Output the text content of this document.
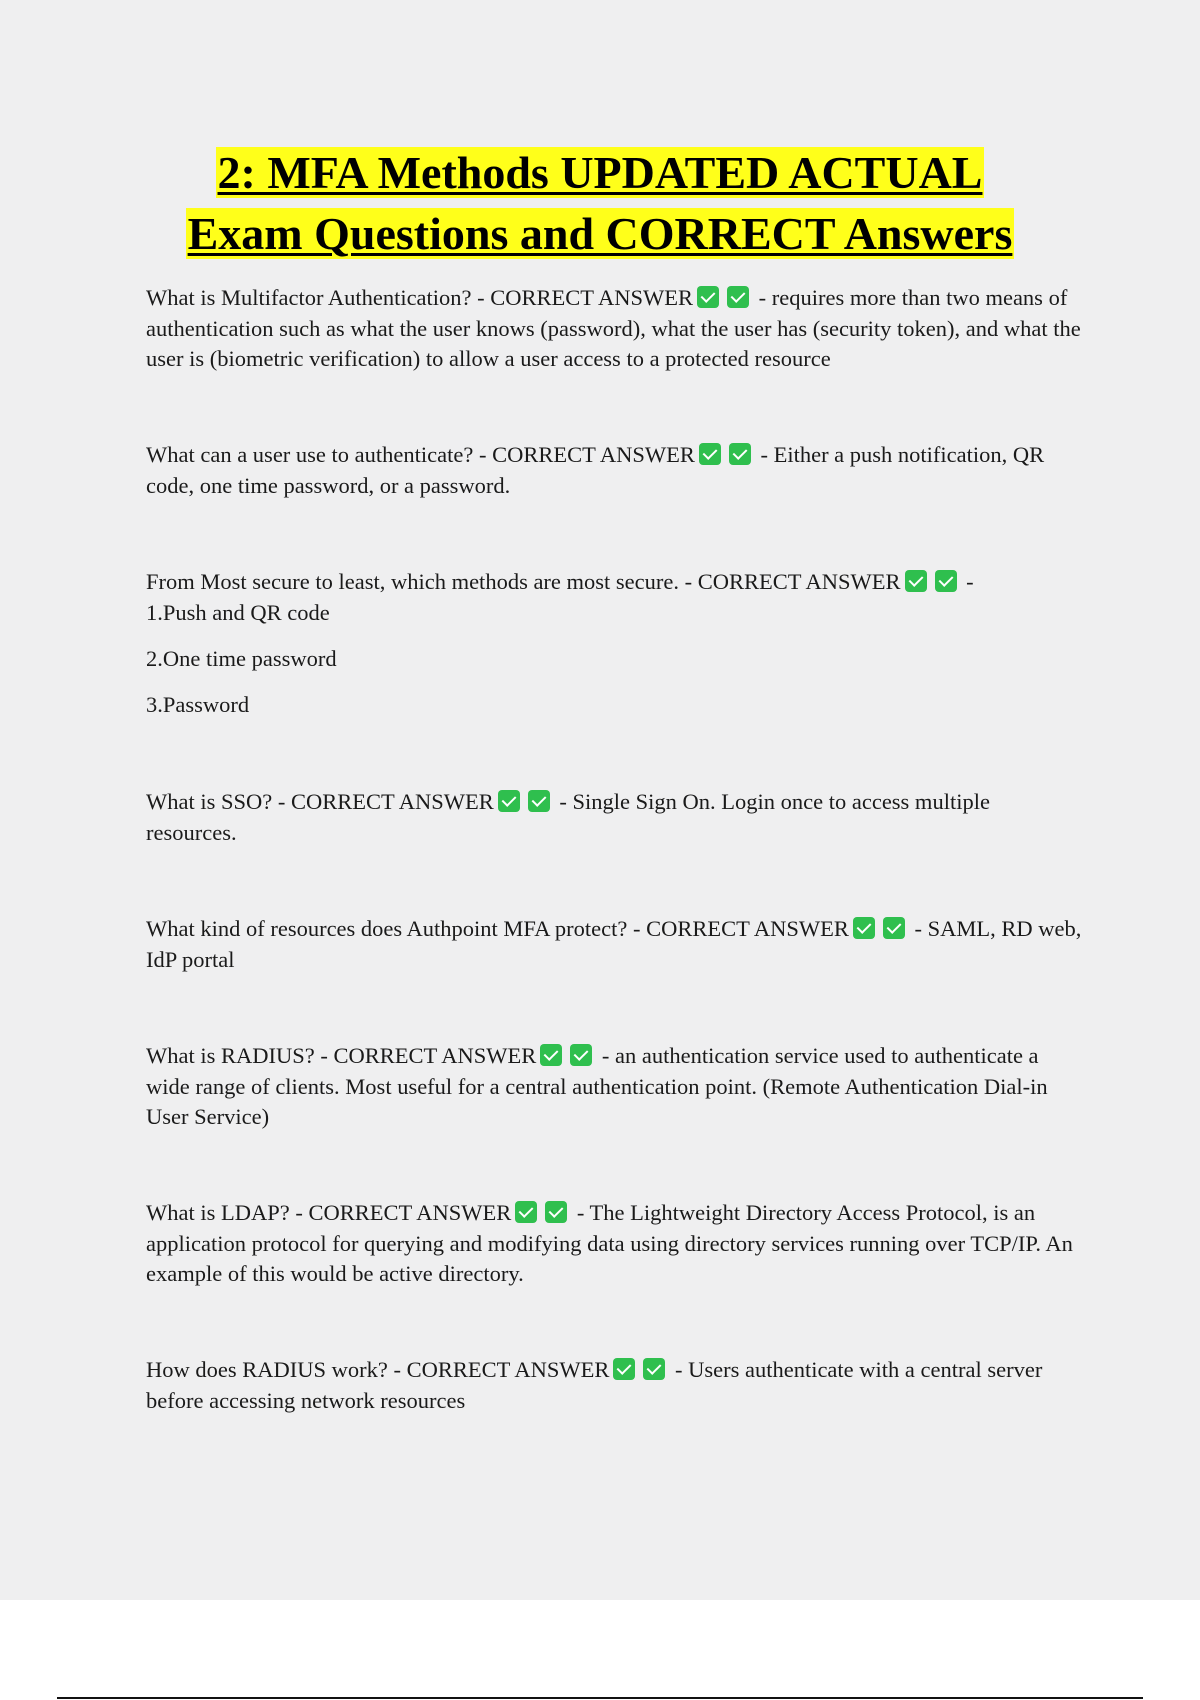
2: MFA Methods UPDATED ACTUAL
Exam Questions and CORRECT Answers

What is Multifactor Authentication? - CORRECT ANSWER	- requires more than two means of authentication such as what the user knows (password), what the user has (security token), and what the user is (biometric verification) to allow a user access to a protected resource

What can a user use to authenticate? - CORRECT ANSWER	- Either a push notification, QR code, one time password, or a password.

From Most secure to least, which methods are most secure. - CORRECT ANSWER	-

1.Push and QR code

2.One time password

3.Password

What is SSO? - CORRECT ANSWER	- Single Sign On. Login once to access multiple resources.

What kind of resources does Authpoint MFA protect? - CORRECT ANSWER	- SAML, RD web, IdP portal

What is RADIUS? - CORRECT ANSWER	- an authentication service used to authenticate a wide range of clients. Most useful for a central authentication point. (Remote Authentication Dial-in User Service)

What is LDAP? - CORRECT ANSWER	- The Lightweight Directory Access Protocol, is an application protocol for querying and modifying data using directory services running over TCP/IP. An example of this would be active directory.

How does RADIUS work? - CORRECT ANSWER	- Users authenticate with a central server before accessing network resources
